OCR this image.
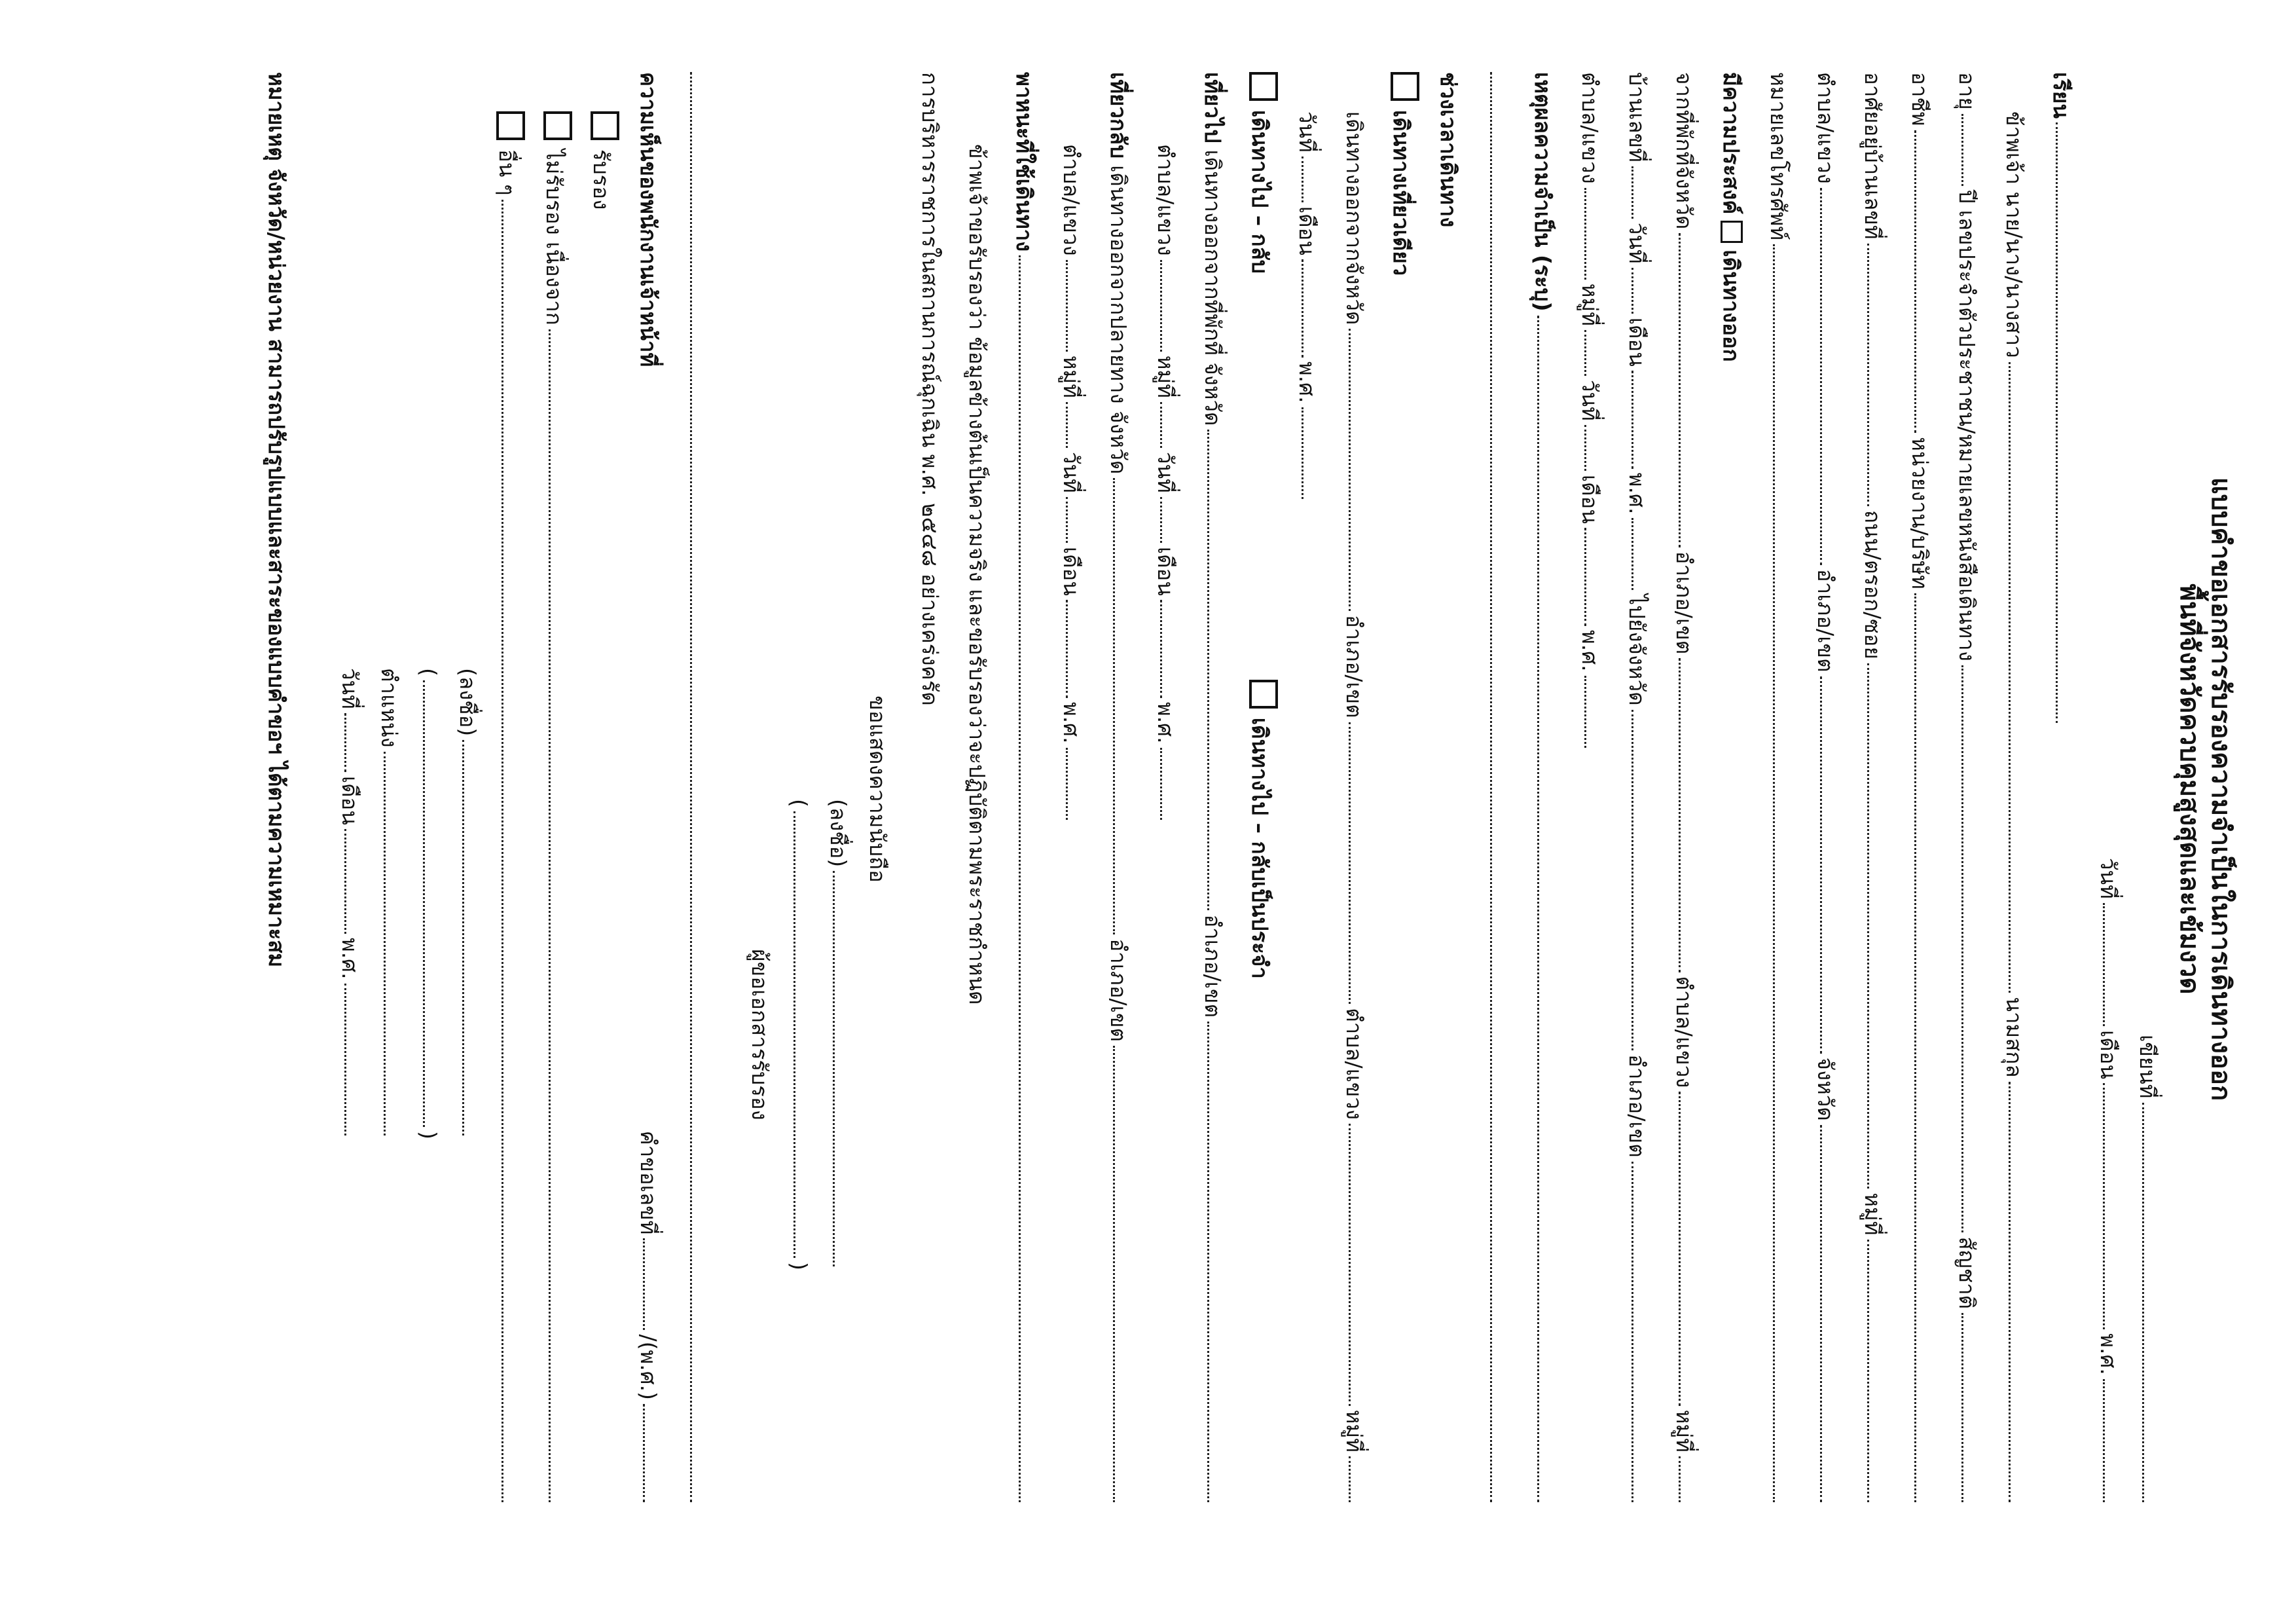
แบบคำขอเอกสารรับรองความจำเป็นในการเดินทางออก
พื้นที่จังหวัดควบคุมสูงสุดและเข้มงวด
เขียนที่
วันที่
เดือน
พ.ศ.
เรียน
ข้าพเจ้า นาย/นาง/นางสาว
นามสกุล
อายุ
ปี
เลขประจำตัวประชาชน/หมายเลขหนังสือเดินทาง
สัญชาติ
อาชีพ
หน่วยงาน/บริษัท
อาศัยอยู่บ้านเลขที่
ถนน/ตรอก/ซอย
หมู่ที่
ตำบล/แขวง
อำเภอ/เขต
จังหวัด
หมายเลขโทรศัพท์
มีความประสงค์
เดินทางออก
จากที่พักที่จังหวัด
อำเภอ/เขต
ตำบล/แขวง
หมู่ที่
บ้านเลขที่
วันที่
เดือน
พ.ศ.
ไปยังจังหวัด
อำเภอ/เขต
ตำบล/แขวง
หมู่ที่
วันที่
เดือน
พ.ศ.
เหตุผลความจำเป็น (ระบุ)
ช่วงเวลาเดินทาง
เดินทางเที่ยวเดียว
เดินทางออกจากจังหวัด
อำเภอ/เขต
ตำบล/แขวง
หมู่ที่
วันที่
เดือน
พ.ศ.
เดินทางไป – กลับ
เดินทางไป – กลับเป็นประจำ
เที่ยวไป
เดินทางออกจากที่พักที่ จังหวัด
อำเภอ/เขต
ตำบล/แขวง
หมู่ที่
วันที่
เดือน
พ.ศ.
เที่ยวกลับ
เดินทางออกจากปลายทาง จังหวัด
อำเภอ/เขต
ตำบล/แขวง
หมู่ที่
วันที่
เดือน
พ.ศ.
พาหนะที่ใช้เดินทาง
ข้าพเจ้าขอรับรองว่า ข้อมูลข้างต้นเป็นความจริง และขอรับรองว่าจะปฏิบัติตามพระราชกำหนด
การบริหารราชการในสถานการณ์ฉุกเฉิน พ.ศ. ๒๕๔๘ อย่างเคร่งครัด
ขอแสดงความนับถือ
(ลงชื่อ)
(
)
ผู้ขอเอกสารรับรอง
ความเห็นของพนักงานเจ้าหน้าที่
คำขอเลขที่
/(พ.ศ.)
รับรอง
ไม่รับรอง เนื่องจาก
อื่น ๆ
(ลงชื่อ)
(
)
ตำแหน่ง
วันที่
เดือน
พ.ศ.
หมายเหตุ จังหวัด/หน่วยงาน สามารถปรับรูปแบบและสาระของแบบคำขอฯ ได้ตามความเหมาะสม
